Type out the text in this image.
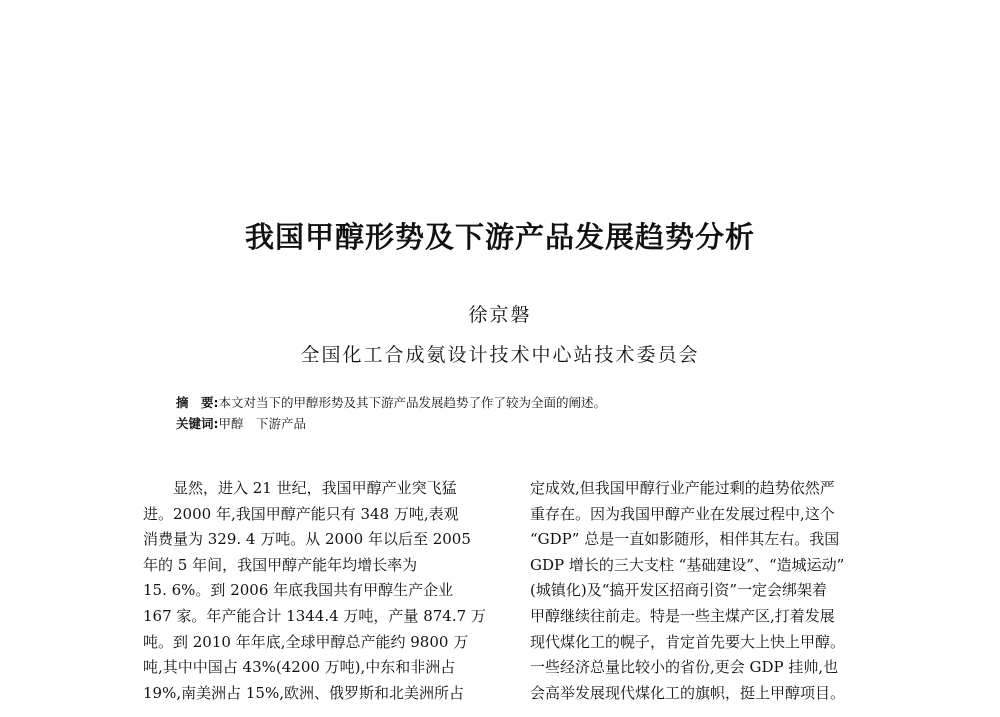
我国甲醇形势及下游产品发展趋势分析
徐京磐
全国化工合成氨设计技术中心站技术委员会
摘　要:本文对当下的甲醇形势及其下游产品发展趋势了作了较为全面的阐述。
关键词:甲醇　下游产品
　　显然，进入 21 世纪，我国甲醇产业突飞猛
进。2000 年,我国甲醇产能只有 348 万吨,表观
消费量为 329. 4 万吨。从 2000 年以后至 2005
年的 5 年间，我国甲醇产能年均增长率为
15. 6%。到 2006 年底我国共有甲醇生产企业
167 家。年产能合计 1344.4 万吨，产量 874.7 万
吨。到 2010 年年底,全球甲醇总产能约 9800 万
吨,其中中国占 43%(4200 万吨),中东和非洲占
19%,南美洲占 15%,欧洲、俄罗斯和北美洲所占
定成效,但我国甲醇行业产能过剩的趋势依然严
重存在。因为我国甲醇产业在发展过程中,这个
“GDP” 总是一直如影随形，相伴其左右。我国
GDP 增长的三大支柱 “基础建设”、“造城运动”
(城镇化)及“搞开发区招商引资”一定会绑架着
甲醇继续往前走。特是一些主煤产区,打着发展
现代煤化工的幌子，肯定首先要大上快上甲醇。
一些经济总量比较小的省份,更会 GDP 挂帅,也
会高举发展现代煤化工的旗帜，挺上甲醇项目。
